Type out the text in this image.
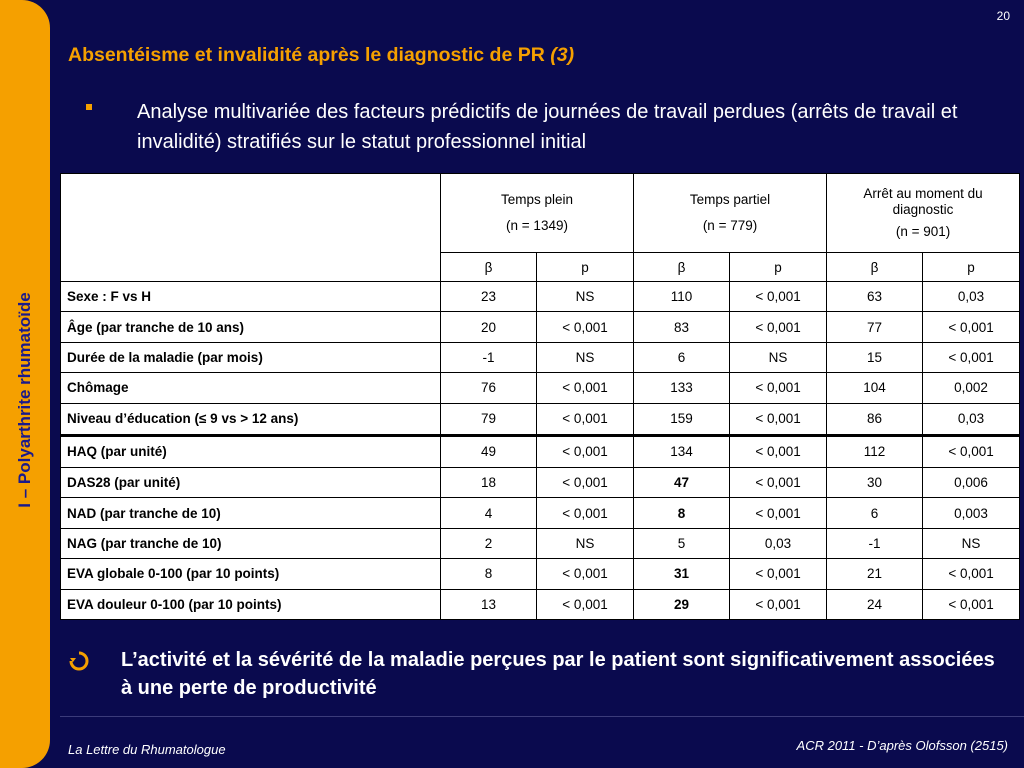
I – Polyarthrite rhumatoïde
20
Absentéisme et invalidité après le diagnostic de PR (3)
Analyse multivariée des facteurs prédictifs de journées de travail perdues (arrêts de travail et invalidité) stratifiés sur le statut professionnel initial
	Temps plein
(n = 1349)		Temps partiel
(n = 779)		Arrêt au moment du diagnostic
(n = 901)	

	β	p	β	p	β	p
Sexe : F vs H	23	NS	110	< 0,001	63	0,03
Âge (par tranche de 10 ans)	20	< 0,001	83	< 0,001	77	< 0,001
Durée de la maladie (par mois)	-1	NS	6	NS	15	< 0,001
Chômage	76	< 0,001	133	< 0,001	104	0,002
Niveau d’éducation (≤ 9 vs > 12 ans)	79	< 0,001	159	< 0,001	86	0,03
HAQ (par unité)	49	< 0,001	134	< 0,001	112	< 0,001
DAS28 (par unité)	18	< 0,001	47	< 0,001	30	0,006
NAD (par tranche de 10)	4	< 0,001	8	< 0,001	6	0,003
NAG (par tranche de 10)	2	NS	5	0,03	-1	NS
EVA globale 0-100 (par 10 points)	8	< 0,001	31	< 0,001	21	< 0,001
EVA douleur 0-100 (par 10 points)	13	< 0,001	29	< 0,001	24	< 0,001
L’activité et la sévérité de la maladie perçues par le patient sont significativement associées à une perte de productivité
La Lettre du Rhumatologue	ACR 2011 - D’après Olofsson (2515)
